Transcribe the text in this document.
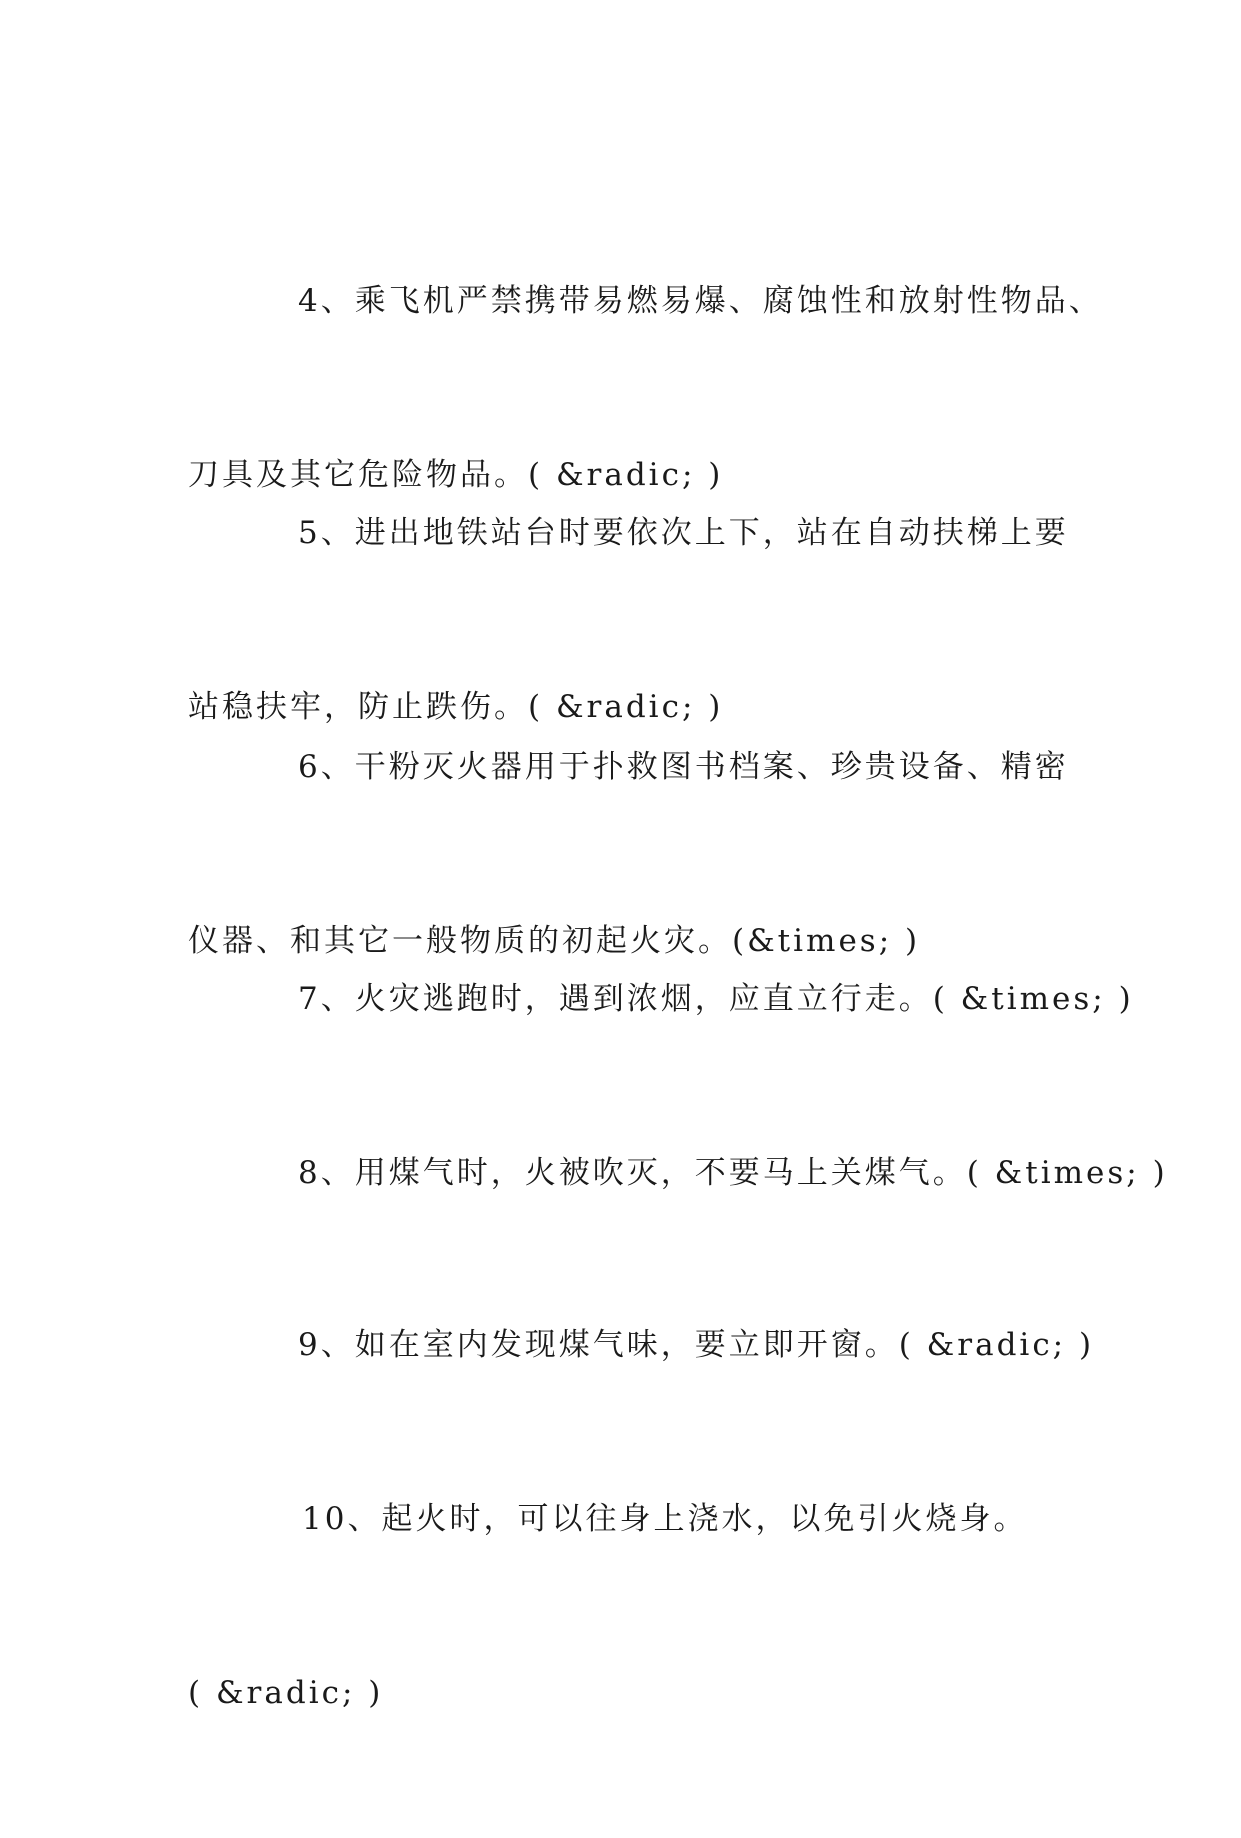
4、乘飞机严禁携带易燃易爆、腐蚀性和放射性物品、

刀具及其它危险物品。( &radic; )

5、进出地铁站台时要依次上下，站在自动扶梯上要

站稳扶牢，防止跌伤。( &radic; )

6、干粉灭火器用于扑救图书档案、珍贵设备、精密

仪器、和其它一般物质的初起火灾。(&times; )

7、火灾逃跑时，遇到浓烟，应直立行走。( &times; )

8、用煤气时，火被吹灭，不要马上关煤气。( &times; )

9、如在室内发现煤气味，要立即开窗。( &radic; )

10、起火时，可以往身上浇水，以免引火烧身。

( &radic; )
